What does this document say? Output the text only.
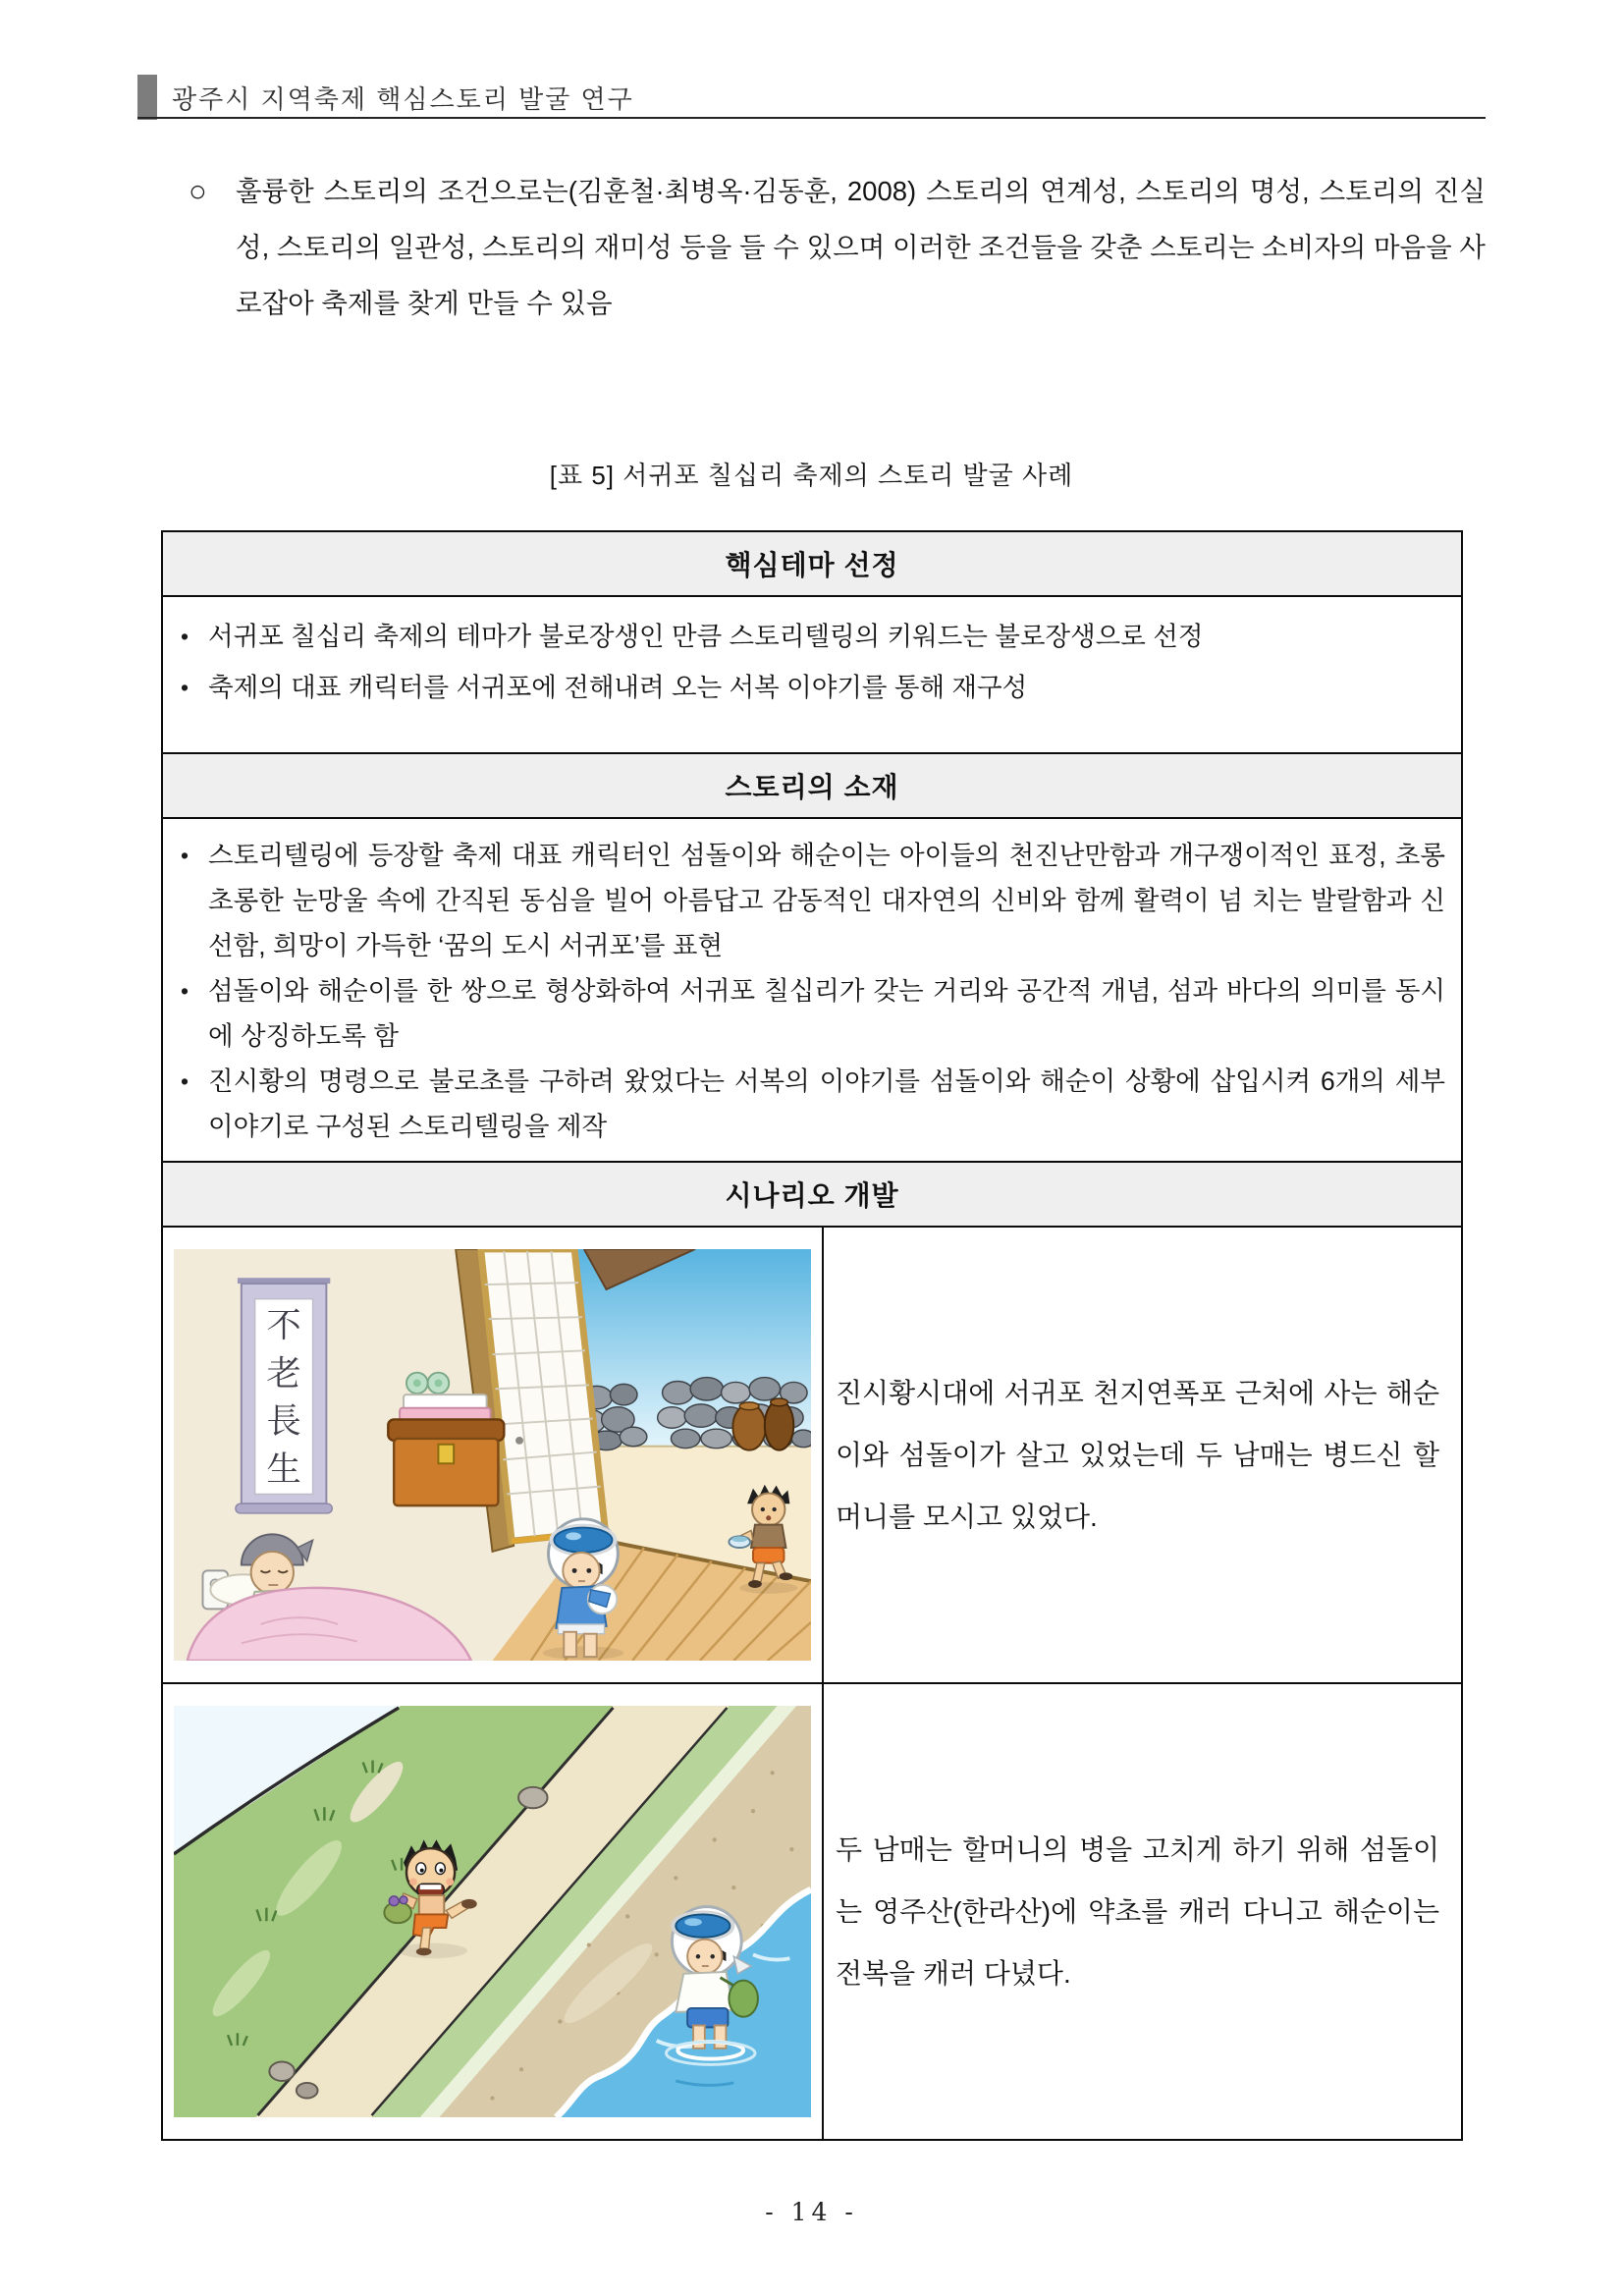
광주시 지역축제 핵심스토리 발굴 연구
○	훌륭한 스토리의 조건으로는(김훈철·최병옥·김동훈, 2008) 스토리의 연계성, 스토리의 명성, 스토리의 진실성, 스토리의 일관성, 스토리의 재미성 등을 들 수 있으며 이러한 조건들을 갖춘 스토리는 소비자의 마음을 사로잡아 축제를 찾게 만들 수 있음

[표 5] 서귀포 칠십리 축제의 스토리 발굴 사례
핵심테마 선정	

• 서귀포 칠십리 축제의 테마가 불로장생인 만큼 스토리텔링의 키워드는 불로장생으로 선정
• 축제의 대표 캐릭터를 서귀포에 전해내려 오는 서복 이야기를 통해 재구성	

스토리의 소재	

• 스토리텔링에 등장할 축제 대표 캐릭터인 섬돌이와 해순이는 아이들의 천진난만함과 개구쟁이적인 표정, 초롱초롱한 눈망울 속에 간직된 동심을 빌어 아름답고 감동적인 대자연의 신비와 함께 활력이 넘 치는 발랄함과 신선함, 희망이 가득한 ‘꿈의 도시 서귀포’를 표현
• 섬돌이와 해순이를 한 쌍으로 형상화하여 서귀포 칠십리가 갖는 거리와 공간적 개념, 섬과 바다의 의미를 동시에 상징하도록 함
• 진시황의 명령으로 불로초를 구하려 왔었다는 서복의 이야기를 섬돌이와 해순이 상황에 삽입시켜 6개의 세부 이야기로 구성된 스토리텔링을 제작

시나리오 개발	

不
老
長
生	진시황시대에 서귀포 천지연폭포 근처에 사는 해순이와 섬돌이가 살고 있었는데 두 남매는 병드신 할머니를 모시고 있었다.

두 남매는 할머니의 병을 고치게 하기 위해 섬돌이는 영주산(한라산)에 약초를 캐러 다니고 해순이는 전복을 캐러 다녔다.

- 14 -
